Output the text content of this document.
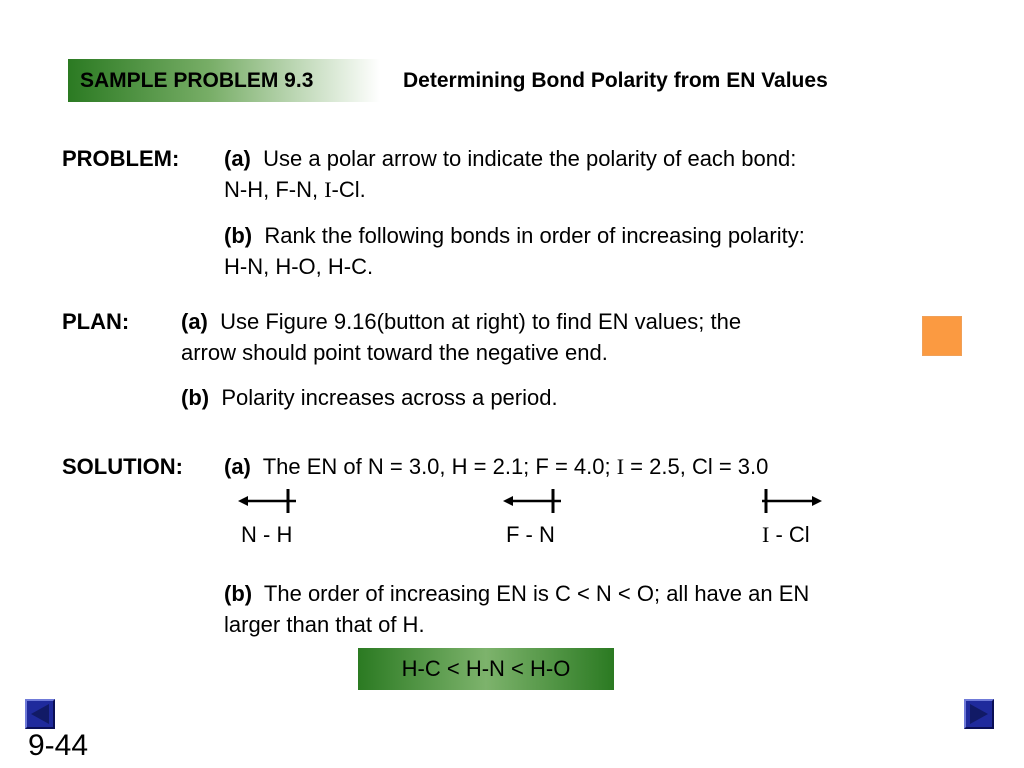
SAMPLE PROBLEM 9.3	Determining Bond Polarity from EN Values
PROBLEM: (a) Use a polar arrow to indicate the polarity of each bond:
N-H, F-N, I-Cl.
(b) Rank the following bonds in order of increasing polarity:
H-N, H-O, H-C.
PLAN: (a) Use Figure 9.16(button at right) to find EN values; the
arrow should point toward the negative end.
(b) Polarity increases across a period.
SOLUTION: (a) The EN of N = 3.0, H = 2.1; F = 4.0; I = 2.5, Cl = 3.0
N - H	F - N	I - Cl
(b) The order of increasing EN is C < N < O; all have an EN
larger than that of H.
H-C < H-N < H-O
9-44
